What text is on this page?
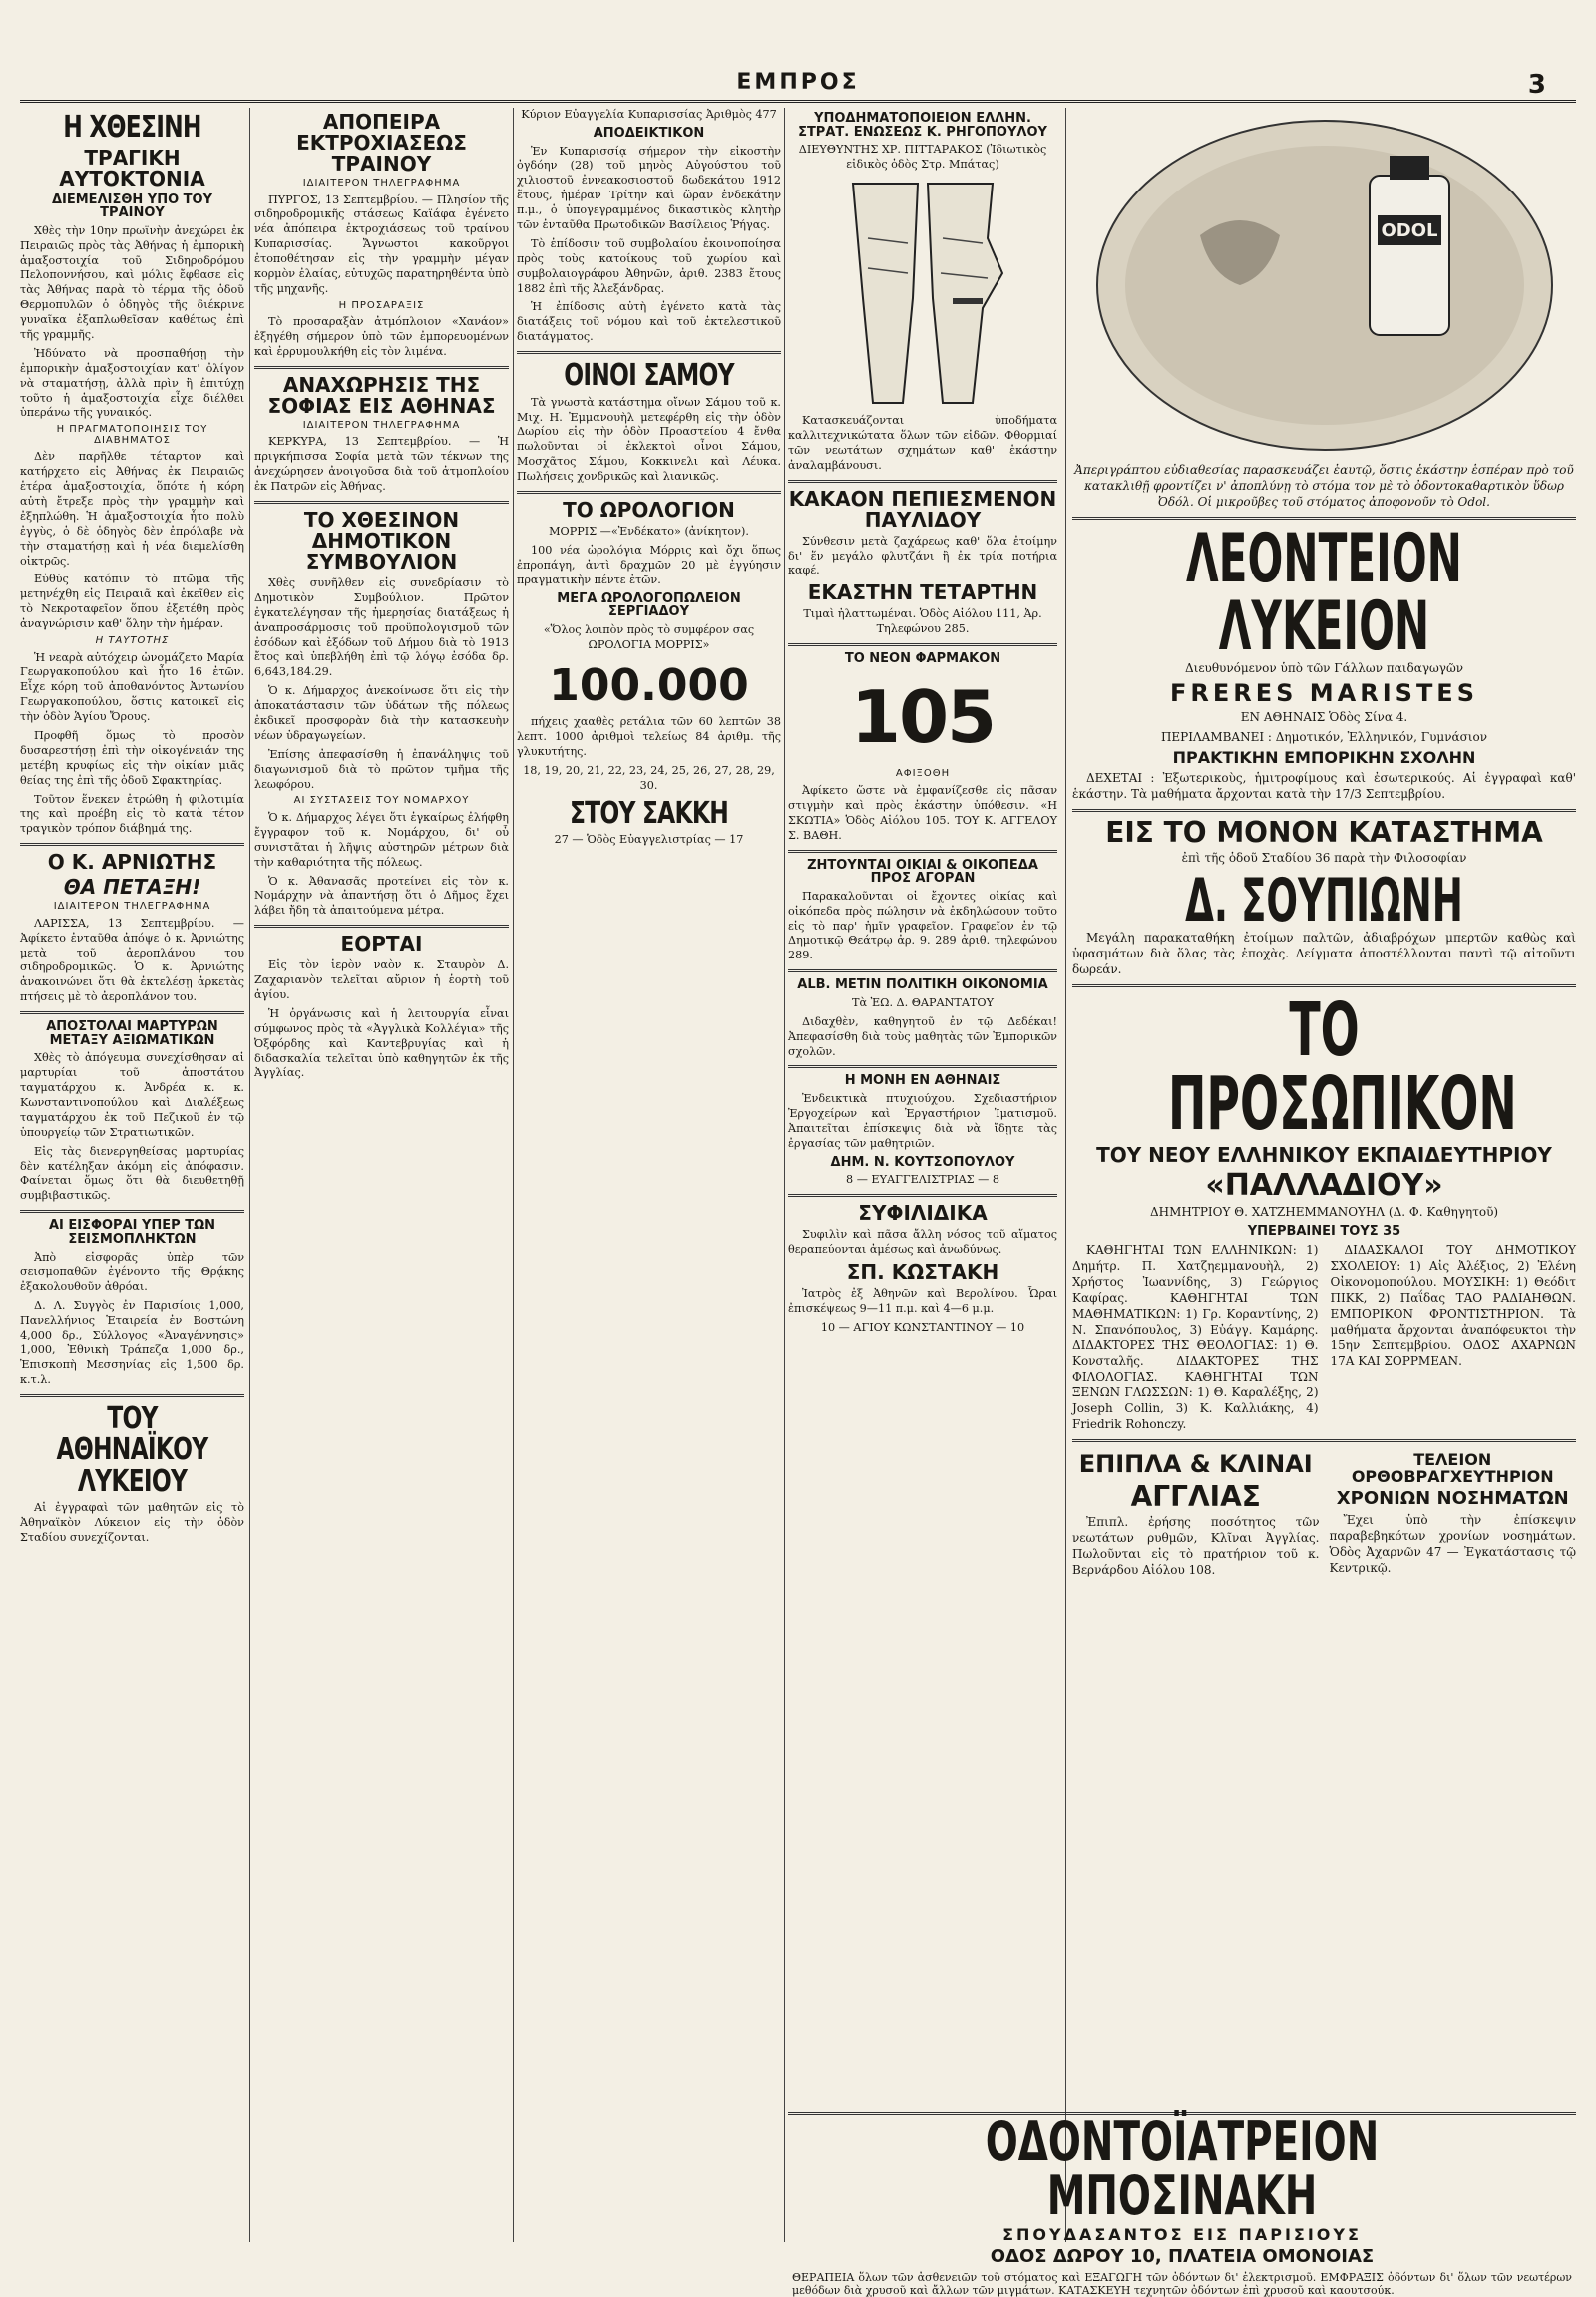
ΕΜΠΡΟΣ	3
Η ΧΘΕΣΙΝΗ
ΤΡΑΓΙΚΗ ΑΥΤΟΚΤΟΝΙΑ
ΔΙΕΜΕΛΙΣΘΗ ΥΠΟ ΤΟΥ ΤΡΑΙΝΟΥ

Χθὲς τὴν 10ην πρωϊνὴν ἀνεχώρει ἐκ Πειραιῶς πρὸς τὰς Ἀθήνας ἡ ἐμπορικὴ ἁμαξοστοιχία τοῦ Σιδηροδρόμου Πελοποννήσου, καὶ μόλις ἔφθασε εἰς τὰς Ἀθήνας παρὰ τὸ τέρμα τῆς ὁδοῦ Θερμοπυλῶν ὁ ὁδηγὸς τῆς διέκρινε γυναῖκα ἐξαπλωθεῖσαν καθέτως ἐπὶ τῆς γραμμῆς.

Ἠδύνατο νὰ προσπαθήσῃ τὴν ἐμπορικὴν ἁμαξοστοιχίαν κατ' ὀλίγον νὰ σταματήσῃ, ἀλλὰ πρὶν ἢ ἐπιτύχῃ τοῦτο ἡ ἁμαξοστοιχία εἶχε διέλθει ὑπεράνω τῆς γυναικός.

Η ΠΡΑΓΜΑΤΟΠΟΙΗΣΙΣ ΤΟΥ ΔΙΑΒΗΜΑΤΟΣ

Δὲν παρῆλθε τέταρτον καὶ κατήρχετο εἰς Ἀθήνας ἐκ Πειραιῶς ἑτέρα ἁμαξοστοιχία, ὅπότε ἡ κόρη αὐτὴ ἔτρεξε πρὸς τὴν γραμμὴν καὶ ἐξηπλώθη. Ἡ ἁμαξοστοιχία ἦτο πολὺ ἐγγὺς, ὁ δὲ ὁδηγὸς δὲν ἐπρόλαβε νὰ τὴν σταματήσῃ καὶ ἡ νέα διεμελίσθη οἰκτρῶς.

Εὐθὺς κατόπιν τὸ πτῶμα τῆς μετηνέχθη εἰς Πειραιᾶ καὶ ἐκεῖθεν εἰς τὸ Νεκροταφεῖον ὅπου ἐξετέθη πρὸς ἀναγνώρισιν καθ' ὅλην τὴν ἡμέραν.

Η ΤΑΥΤΟΤΗΣ

Ἡ νεαρὰ αὐτόχειρ ὠνομάζετο Μαρία Γεωργακοπούλου καὶ ἦτο 16 ἐτῶν. Εἶχε κόρη τοῦ ἀποθανόντος Ἀντωνίου Γεωργακοπούλου, ὅστις κατοικεῖ εἰς τὴν ὁδὸν Ἁγίου Ὄρους.

Προφθῆ ὅμως τὸ προσὸν δυσαρεστήσῃ ἐπὶ τὴν οἰκογένειάν της μετέβη κρυφίως εἰς τὴν οἰκίαν μιᾶς θείας της ἐπὶ τῆς ὁδοῦ Σφακτηρίας.

Τοῦτον ἕνεκεν ἐτρώθη ἡ φιλοτιμία της καὶ προέβη εἰς τὸ κατὰ τέτον τραγικὸν τρόπον διάβημά της.

Ο Κ. ΑΡΝΙΩΤΗΣ
ΘΑ ΠΕΤΑΞΗ!
ΙΔΙΑΙΤΕΡΟΝ ΤΗΛΕΓΡΑΦΗΜΑ

ΛΑΡΙΣΣΑ, 13 Σεπτεμβρίου. — Ἀφίκετο ἐνταῦθα ἀπόψε ὁ κ. Ἀρνιώτης μετὰ τοῦ ἀεροπλάνου του σιδηροδρομικῶς. Ὁ κ. Ἀρνιώτης ἀνακοινώνει ὅτι θὰ ἐκτελέσῃ ἀρκετὰς πτήσεις μὲ τὸ ἀεροπλάνον του.

ΑΠΟΣΤΟΛΑΙ ΜΑΡΤΥΡΩΝ ΜΕΤΑΞΥ ΑΞΙΩΜΑΤΙΚΩΝ

Χθὲς τὸ ἀπόγευμα συνεχίσθησαν αἱ μαρτυρίαι τοῦ ἀποστάτου ταγματάρχου κ. Ἀνδρέα κ. κ. Κωνσταντινοπούλου καὶ Διαλέξεως ταγματάρχου ἐκ τοῦ Πεζικοῦ ἐν τῷ ὑπουργείῳ τῶν Στρατιωτικῶν.

Εἰς τὰς διενεργηθείσας μαρτυρίας δὲν κατέληξαν ἀκόμη εἰς ἀπόφασιν. Φαίνεται ὅμως ὅτι θὰ διευθετηθῇ συμβιβαστικῶς.

ΑΙ ΕΙΣΦΟΡΑΙ ΥΠΕΡ ΤΩΝ ΣΕΙΣΜΟΠΛΗΚΤΩΝ

Ἀπὸ εἰσφορᾶς ὑπὲρ τῶν σεισμοπαθῶν ἐγένοντο τῆς Θρᾴκης ἐξακολουθοῦν ἀθρόαι.

Δ. Λ. Συγγὸς ἐν Παρισίοις 1,000, Πανελλήνιος Ἑταιρεία ἐν Βοστώνη 4,000 δρ., Σύλλογος «Ἀναγέννησις» 1,000, Ἐθνικὴ Τράπεζα 1,000 δρ., Ἐπισκοπὴ Μεσσηνίας εἰς 1,500 δρ. κ.τ.λ.

ΤΟΥ ΑΘΗΝΑΪΚΟΥ ΛΥΚΕΙΟΥ

Αἱ ἐγγραφαὶ τῶν μαθητῶν εἰς τὸ Ἀθηναϊκὸν Λύκειον εἰς τὴν ὁδὸν Σταδίου συνεχίζονται.

ΑΠΟΠΕΙΡΑ ΕΚΤΡΟΧΙΑΣΕΩΣ ΤΡΑΙΝΟΥ
ΙΔΙΑΙΤΕΡΟΝ ΤΗΛΕΓΡΑΦΗΜΑ

ΠΥΡΓΟΣ, 13 Σεπτεμβρίου. — Πλησίον τῆς σιδηροδρομικῆς στάσεως Καϊάφα ἐγένετο νέα ἀπόπειρα ἐκτροχιάσεως τοῦ τραίνου Κυπαρισσίας. Ἄγνωστοι κακοῦργοι ἐτοποθέτησαν εἰς τὴν γραμμὴν μέγαν κορμὸν ἐλαίας, εὐτυχῶς παρατηρηθέντα ὑπὸ τῆς μηχανῆς.

Η ΠΡΟΣΑΡΑΞΙΣ

Τὸ προσαραξὰν ἀτμόπλοιον «Χανάον» ἐξηγέθη σήμερον ὑπὸ τῶν ἐμπορευομένων καὶ ἐρρυμουλκήθη εἰς τὸν λιμένα.

ΑΝΑΧΩΡΗΣΙΣ ΤΗΣ ΣΟΦΙΑΣ ΕΙΣ ΑΘΗΝΑΣ
ΙΔΙΑΙΤΕΡΟΝ ΤΗΛΕΓΡΑΦΗΜΑ

ΚΕΡΚΥΡΑ, 13 Σεπτεμβρίου. — Ἡ πριγκήπισσα Σοφία μετὰ τῶν τέκνων της ἀνεχώρησεν ἀνοιγοῦσα διὰ τοῦ ἀτμοπλοίου ἐκ Πατρῶν εἰς Ἀθήνας.

ΤΟ ΧΘΕΣΙΝΟΝ ΔΗΜΟΤΙΚΟΝ ΣΥΜΒΟΥΛΙΟΝ

Χθὲς συνῆλθεν εἰς συνεδρίασιν τὸ Δημοτικὸν Συμβούλιον. Πρῶτον ἐγκατελέγησαν τῆς ἡμερησίας διατάξεως ἡ ἀναπροσάρμοσις τοῦ προϋπολογισμοῦ τῶν ἐσόδων καὶ ἐξόδων τοῦ Δήμου διὰ τὸ 1913 ἔτος καὶ ὑπεβλήθη ἐπὶ τῷ λόγῳ ἐσόδα δρ. 6,643,184.29.

Ὁ κ. Δήμαρχος ἀνεκοίνωσε ὅτι εἰς τὴν ἀποκατάστασιν τῶν ὑδάτων τῆς πόλεως ἐκδικεῖ προσφορὰν διὰ τὴν κατασκευὴν νέων ὑδραγωγείων.

Ἐπίσης ἀπεφασίσθη ἡ ἐπανάληψις τοῦ διαγωνισμοῦ διὰ τὸ πρῶτον τμῆμα τῆς λεωφόρου.

ΑΙ ΣΥΣΤΑΣΕΙΣ ΤΟΥ ΝΟΜΑΡΧΟΥ

Ὁ κ. Δήμαρχος λέγει ὅτι ἐγκαίρως ἐλήφθη ἔγγραφον τοῦ κ. Νομάρχου, δι' οὗ συνιστᾶται ἡ λῆψις αὐστηρῶν μέτρων διὰ τὴν καθαριότητα τῆς πόλεως.

Ὁ κ. Ἀθανασᾶς προτείνει εἰς τὸν κ. Νομάρχην νὰ ἀπαντήσῃ ὅτι ὁ Δῆμος ἔχει λάβει ἤδη τὰ ἀπαιτούμενα μέτρα.

ΕΟΡΤΑΙ

Εἰς τὸν ἱερὸν ναὸν κ. Σταυρὸν Δ. Ζαχαριανὸν τελεῖται αὔριον ἡ ἑορτὴ τοῦ ἁγίου.

Ἡ ὀργάνωσις καὶ ἡ λειτουργία εἶναι σύμφωνος πρὸς τὰ «Ἀγγλικὰ Κολλέγια» τῆς Ὀξφόρδης καὶ Καντεβρυγίας καὶ ἡ διδασκαλία τελεῖται ὑπὸ καθηγητῶν ἐκ τῆς Ἀγγλίας.

Κύριον Εὐαγγελία Κυπαρισσίας Ἀριθμὸς 477

ΑΠΟΔΕΙΚΤΙΚΟΝ

Ἐν Κυπαρισσίᾳ σήμερον τὴν εἰκοστὴν ὀγδόην (28) τοῦ μηνὸς Αὐγούστου τοῦ χιλιοστοῦ ἐννεακοσιοστοῦ δωδεκάτου 1912 ἔτους, ἡμέραν Τρίτην καὶ ὥραν ἐνδεκάτην π.μ., ὁ ὑπογεγραμμένος δικαστικὸς κλητὴρ τῶν ἐνταῦθα Πρωτοδικῶν Βασίλειος Ῥήγας.

Τὸ ἐπίδοσιν τοῦ συμβολαίου ἐκοινοποίησα πρὸς τοὺς κατοίκους τοῦ χωρίου καὶ συμβολαιογράφου Ἀθηνῶν, ἀριθ. 2383 ἔτους 1882 ἐπὶ τῆς Ἀλεξάνδρας.

Ἡ ἐπίδοσις αὐτὴ ἐγένετο κατὰ τὰς διατάξεις τοῦ νόμου καὶ τοῦ ἐκτελεστικοῦ διατάγματος.

ΟΙΝΟΙ ΣΑΜΟΥ

Τὰ γνωστὰ κατάστημα οἴνων Σάμου τοῦ κ. Μιχ. Η. Ἐμμανουὴλ μετεφέρθη εἰς τὴν ὁδὸν Δωρίου εἰς τὴν ὁδὸν Προαστείου 4 ἔνθα πωλοῦνται οἱ ἐκλεκτοὶ οἶνοι Σάμου, Μοσχᾶτος Σάμου, Κοκκινελι καὶ Λέυκα. Πωλήσεις χονδρικῶς καὶ λιανικῶς.

ΤΟ ΩΡΟΛΟΓΙΟΝ

ΜΟΡΡΙΣ —«Ἐνδέκατο» (ἀνίκητον).

100 νέα ὡρολόγια Μόρρις καὶ ὄχι ὅπως ἐπροπάγη, ἀντὶ δραχμῶν 20 μὲ ἐγγύησιν πραγματικὴν πέντε ἐτῶν.

ΜΕΓΑ ΩΡΟΛΟΓΟΠΩΛΕΙΟΝ ΣΕΡΓΙΑΔΟΥ

«Ὅλος λοιπὸν πρὸς τὸ συμφέρον σας ΩΡΟΛΟΓΙΑ ΜΟΡΡΙΣ»

100.000

πήχεις χααθὲς ρετάλια τῶν 60 λεπτῶν 38 λεπτ. 1000 ἀριθμοὶ τελείως 84 ἀριθμ. τῆς γλυκυτήτης.

18, 19, 20, 21, 22, 23, 24, 25, 26, 27, 28, 29, 30.

ΣΤΟΥ ΣΑΚΚΗ

27 — Ὁδὸς Εὐαγγελιστρίας — 17

ΥΠΟΔΗΜΑΤΟΠΟΙΕΙΟΝ ΕΛΛΗΝ. ΣΤΡΑΤ. ΕΝΩΣΕΩΣ Κ. ΡΗΓΟΠΟΥΛΟΥ

ΔΙΕΥΘΥΝΤΗΣ ΧΡ. ΠΙΤΤΑΡΑΚΟΣ (Ἰδιωτικὸς εἰδικὸς ὁδὸς Στρ. Μπάτας)

Κατασκευάζονται ὑποδήματα καλλιτεχνικώτατα ὅλων τῶν εἰδῶν. Φθορμιαί τῶν νεωτάτων σχημάτων καθ' ἑκάστην ἀναλαμβάνουσι.

ΚΑΚΑΟΝ ΠΕΠΙΕΣΜΕΝΟΝ ΠΑΥΛΙΔΟΥ

Σύνθεσιν μετὰ ζαχάρεως καθ' ὅλα ἐτοίμην δι' ἕν μεγάλο φλυτζάνι ἢ ἐκ τρία ποτήρια καφέ.

ΕΚΑΣΤΗΝ ΤΕΤΑΡΤΗΝ

Τιμαὶ ἠλαττωμέναι. Ὁδὸς Αἰόλου 111, Ἀρ. Τηλεφώνου 285.

ΤΟ ΝΕΟΝ ΦΑΡΜΑΚΟΝ
105
ΑΦΙΞΟΘΗ

Ἀφίκετο ὥστε νὰ ἐμφανίζεσθε εἰς πᾶσαν στιγμὴν καὶ πρὸς ἑκάστην ὑπόθεσιν. «Η ΣΚΩΤΙΑ» Ὁδὸς Αἰόλου 105. ΤΟΥ Κ. ΑΓΓΕΛΟΥ Σ. ΒΑΘΗ.

ΖΗΤΟΥΝΤΑΙ ΟΙΚΙΑΙ & ΟΙΚΟΠΕΔΑ ΠΡΟΣ ΑΓΟΡΑΝ

Παρακαλοῦνται οἱ ἔχοντες οἰκίας καὶ οἰκόπεδα πρὸς πώλησιν νὰ ἐκδηλώσουν τοῦτο εἰς τὸ παρ' ἡμῖν γραφεῖον. Γραφεῖον ἐν τῷ Δημοτικῷ Θεάτρῳ ἀρ. 9. 289 ἀριθ. τηλεφώνου 289.

ALB. METIN ΠΟΛΙΤΙΚΗ ΟΙΚΟΝΟΜΙΑ

Τὰ ἘΩ. Δ. ΘΑΡΑΝΤΑΤΟΥ

Διδαχθὲν, καθηγητοῦ ἐν τῷ Δεδέκαι! Ἀπεφασίσθη διὰ τοὺς μαθητὰς τῶν Ἐμπορικῶν σχολῶν.

Η ΜΟΝΗ ΕΝ ΑΘΗΝΑΙΣ

Ἐνδεικτικὰ πτυχιούχου. Σχεδιαστήριον Ἐργοχείρων καὶ Ἐργαστήριον Ἱματισμοῦ. Ἀπαιτεῖται ἐπίσκεψις διὰ νὰ ἴδῃτε τὰς ἐργασίας τῶν μαθητριῶν.

ΔΗΜ. Ν. ΚΟΥΤΣΟΠΟΥΛΟΥ

8 — ΕΥΑΓΓΕΛΙΣΤΡΙΑΣ — 8

ΣΥΦΙΛΙΔΙΚΑ

Συφιλὶν καὶ πᾶσα ἄλλη νόσος τοῦ αἵματος θεραπεύονται ἀμέσως καὶ ἀνωδύνως.

ΣΠ. ΚΩΣΤΑΚΗ

Ἰατρὸς ἐξ Ἀθηνῶν καὶ Βερολίνου. Ὧραι ἐπισκέψεως 9—11 π.μ. καὶ 4—6 μ.μ.

10 — ΑΓΙΟΥ ΚΩΝΣΤΑΝΤΙΝΟΥ — 10

ODOL

Ἀπεριγράπτου εὐδιαθεσίας παρασκευάζει ἑαυτῷ, ὅστις ἑκάστην ἑσπέραν πρὸ τοῦ κατακλιθῇ φροντίζει ν' ἀποπλύνῃ τὸ στόμα τον μὲ τὸ ὀδοντοκαθαρτικὸν ὕδωρ Ὀδόλ. Οἱ μικροῦβες τοῦ στόματος ἀποφονοῦν τὸ Odol.

ΛΕΟΝΤΕΙΟΝ ΛΥΚΕΙΟΝ

Διευθυνόμενον ὑπὸ τῶν Γάλλων παιδαγωγῶν

FRERES MARISTES

ΕΝ ΑΘΗΝΑΙΣ Ὁδὸς Σίνα 4.

ΠΕΡΙΛΑΜΒΑΝΕΙ : Δημοτικόν, Ἑλληνικόν, Γυμνάσιον

ΠΡΑΚΤΙΚΗΝ ΕΜΠΟΡΙΚΗΝ ΣΧΟΛΗΝ

ΔΕΧΕΤΑΙ : Ἐξωτερικοὺς, ἡμιτροφίμους καὶ ἐσωτερικούς. Αἱ ἐγγραφαὶ καθ' ἑκάστην. Τὰ μαθήματα ἄρχονται κατὰ τὴν 17/3 Σεπτεμβρίου.

ΕΙΣ ΤΟ ΜΟΝΟΝ ΚΑΤΑΣΤΗΜΑ

ἐπὶ τῆς ὁδοῦ Σταδίου 36 παρὰ τὴν Φιλοσοφίαν

Δ. ΣΟΥΠΙΩΝΗ

Μεγάλη παρακαταθήκη ἐτοίμων παλτῶν, ἀδιαβρόχων μπερτῶν καθὼς καὶ ὑφασμάτων διὰ ὅλας τὰς ἐποχὰς. Δείγματα ἀποστέλλονται παντὶ τῷ αἰτοῦντι δωρεάν.

ΤΟ ΠΡΟΣΩΠΙΚΟΝ
ΤΟΥ ΝΕΟΥ ΕΛΛΗΝΙΚΟΥ ΕΚΠΑΙΔΕΥΤΗΡΙΟΥ
«ΠΑΛΛΑΔΙΟΥ»

ΔΗΜΗΤΡΙΟΥ Θ. ΧΑΤΖΗΕΜΜΑΝΟΥΗΛ (Δ. Φ. Καθηγητοῦ)

ΥΠΕΡΒΑΙΝΕΙ ΤΟΥΣ 35

ΚΑΘΗΓΗΤΑΙ ΤΩΝ ΕΛΛΗΝΙΚΩΝ: 1) Δημήτρ. Π. Χατζηεμμανουὴλ, 2) Χρήστος Ἰωαννίδης, 3) Γεώργιος Καφίρας. ΚΑΘΗΓΗΤΑΙ ΤΩΝ ΜΑΘΗΜΑΤΙΚΩΝ: 1) Γρ. Κοραντίνης, 2) Ν. Σπανόπουλος, 3) Εὐάγγ. Καμάρης. ΔΙΔΑΚΤΟΡΕΣ ΤΗΣ ΘΕΟΛΟΓΙΑΣ: 1) Θ. Κονσταλῆς. ΔΙΔΑΚΤΟΡΕΣ ΤΗΣ ΦΙΛΟΛΟΓΙΑΣ. ΚΑΘΗΓΗΤΑΙ ΤΩΝ ΞΕΝΩΝ ΓΛΩΣΣΩΝ: 1) Θ. Καραλέξης, 2) Joseph Collin, 3) Κ. Καλλιάκης, 4) Friedrik Rohonczy.

ΔΙΔΑΣΚΑΛΟΙ ΤΟΥ ΔΗΜΟΤΙΚΟΥ ΣΧΟΛΕΙΟΥ: 1) Αἰς Ἀλέξιος, 2) Ἑλένη Οἰκονομοπούλου. ΜΟΥΣΙΚΗ: 1) Θεόδιτ ΠΙΚΚ, 2) Παΐδας ΤΑΟ ΡΑΔΙΑΗΘΩΝ. ΕΜΠΟΡΙΚΟΝ ΦΡΟΝΤΙΣΤΗΡΙΟΝ. Τὰ μαθήματα ἄρχονται ἀναπόφευκτοι τὴν 15ην Σεπτεμβρίου. ΟΔΟΣ ΑΧΑΡΝΩΝ 17Α ΚΑΙ ΣΟΡΡΜΕΑΝ.

ΕΠΙΠΛΑ & ΚΛΙΝΑΙ
ΑΓΓΛΙΑΣ

Ἐπιπλ. ἐρήσης ποσότητος τῶν νεωτάτων ρυθμῶν, Κλῖναι Ἀγγλίας. Πωλοῦνται εἰς τὸ πρατήριον τοῦ κ. Βερνάρδου Αἰόλου 108.

ΤΕΛΕΙΟΝ ΟΡΘΟΒΡΑΓΧΕΥΤΗΡΙΟΝ
ΧΡΟΝΙΩΝ ΝΟΣΗΜΑΤΩΝ

Ἔχει ὑπὸ τὴν ἐπίσκεψιν παραβεβηκότων χρονίων νοσημάτων. Ὁδὸς Ἀχαρνῶν 47 — Ἐγκατάστασις τῷ Κεντρικῷ.

ΟΔΟΝΤΟΪΑΤΡΕΙΟΝ ΜΠΟΣΙΝΑΚΗ
ΣΠΟΥΔΑΣΑΝΤΟΣ ΕΙΣ ΠΑΡΙΣΙΟΥΣ
ΟΔΟΣ ΔΩΡΟΥ 10, ΠΛΑΤΕΙΑ ΟΜΟΝΟΙΑΣ

ΘΕΡΑΠΕΙΑ ὅλων τῶν ἀσθενειῶν τοῦ στόματος καὶ ΕΞΑΓΩΓΗ τῶν ὀδόντων δι' ἐλεκτρισμοῦ. ΕΜΦΡΑΞΙΣ ὀδόντων δι' ὅλων τῶν νεωτέρων μεθόδων διὰ χρυσοῦ καὶ ἄλλων τῶν μιγμάτων. ΚΑΤΑΣΚΕΥΗ τεχνητῶν ὀδόντων ἐπὶ χρυσοῦ καὶ καουτσούκ.
